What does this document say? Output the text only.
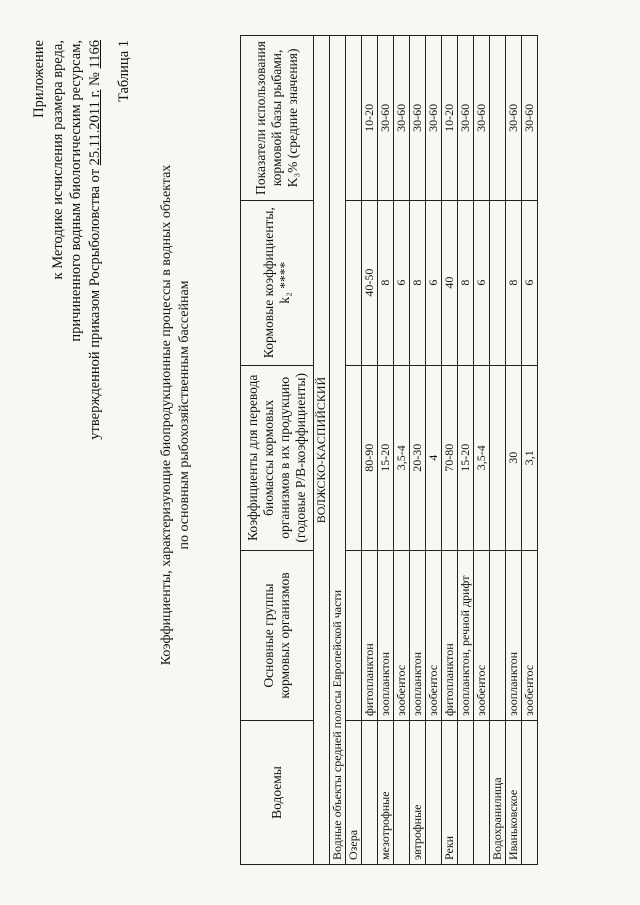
Приложение к Методике исчисления размера вреда, причиненного водным биологическим ресурсам, утвержденной приказом Росрыболовства от 25.11.2011 г. № 1166 Таблица 1
Коэффициенты, характеризующие биопродукционные процессы в водных объектах по основным рыбохозяйственным бассейнам
Водоемы	Основные группы кормовых организмов	Коэффициенты для перевода биомассы кормовых организмов в их продукцию (годовые P/B-коэффициенты)	Кормовые коэффициенты, k₂ ****	Показатели использования кормовой базы рыбами, K₃% (средние значения)
ВОЛЖСКО-КАСПИЙСКИЙ				
Водные объекты средней полосы Европейской части				
Озера				
	фитопланктон	80-90	40-50	10-20
мезотрофные	зоопланктон	15-20	8	30-60
	зообентос	3,5-4	6	30-60
эвтрофные	зоопланктон	20-30	8	30-60
	зообентос	4	6	30-60
Реки	фитопланктон	70-80	40	10-20
	зоопланктон, речной дрифт	15-20	8	30-60
	зообентос	3,5-4	6	30-60
Водохранилища				
Иваньковское	зоопланктон	30	8	30-60
	зообентос	3,1	6	30-60
